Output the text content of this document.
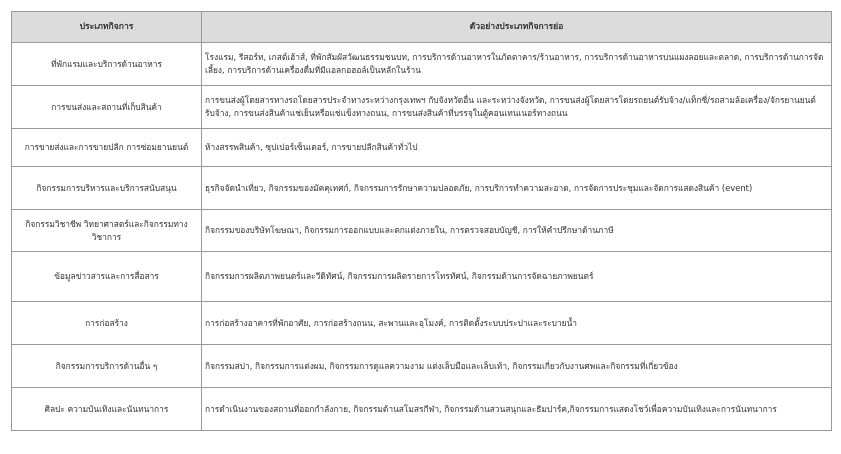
ประเภทกิจการ	ตัวอย่างประเภทกิจการย่อ
ที่พักแรมและบริการด้านอาหาร	โรงแรม, รีสอร์ท, เกสต์เฮ้าส์, ที่พักสัมผัสวัฒนธรรมชนบท, การบริการด้านอาหารในภัตตาคาร/ร้านอาหาร, การบริการด้านอาหารบนแผงลอยและตลาด, การบริการด้านการจัดเลี้ยง, การบริการด้านเครื่องดื่มที่มีแอลกอฮอล์เป็นหลักในร้าน
การขนส่งและสถานที่เก็บสินค้า	การขนส่งผู้โดยสารทางรถโดยสารประจำทางระหว่างกรุงเทพฯ กับจังหวัดอื่น และระหว่างจังหวัด, การขนส่งผู้โดยสารโดยรถยนต์รับจ้าง/แท็กซี่/รถสามล้อเครื่อง/จักรยานยนต์รับจ้าง, การขนส่งสินค้าแช่เย็นหรือแช่แข็งทางถนน, การขนส่งสินค้าที่บรรจุในตู้คอนเทนเนอร์ทางถนน
การขายส่งและการขายปลีก การซ่อมยานยนต์	ห้างสรรพสินค้า, ซุปเปอร์เซ็นเตอร์, การขายปลีกสินค้าทั่วไป
กิจกรรมการบริหารและบริการสนับสนุน	ธุรกิจจัดนำเที่ยว, กิจกรรมของมัคคุเทศก์, กิจกรรมการรักษาความปลอดภัย, การบริการทำความสะอาด, การจัดการประชุมและจัดการแสดงสินค้า (event)
กิจกรรมวิชาชีพ วิทยาศาสตร์และกิจกรรมทางวิชาการ	กิจกรรมของบริษัทโฆษณา, กิจกรรมการออกแบบและตกแต่งภายใน, การตรวจสอบบัญชี, การให้คำปรึกษาด้านภาษี
ข้อมูลข่าวสารและการสื่อสาร	กิจกรรมการผลิตภาพยนตร์และวีดิทัศน์, กิจกรรมการผลิตรายการโทรทัศน์, กิจกรรมด้านการจัดฉายภาพยนตร์
การก่อสร้าง	การก่อสร้างอาคารที่พักอาศัย, การก่อสร้างถนน, สะพานและอุโมงค์, การติดตั้งระบบประปาและระบายน้ำ
กิจกรรมการบริการด้านอื่น ๆ	กิจกรรมสปา, กิจกรรมการแต่งผม, กิจกรรมการดูแลความงาม แต่งเล็บมือและเล็บเท้า, กิจกรรมเกี่ยวกับงานศพและกิจกรรมที่เกี่ยวข้อง
ศิลปะ ความบันเทิงและนันทนาการ	การดำเนินงานของสถานที่ออกกำลังกาย, กิจกรรมด้านสโมสรกีฬา, กิจกรรมด้านสวนสนุกและธีมปาร์ค,กิจกรรมการแสดงโชว์เพื่อความบันเทิงและการนันทนาการ
